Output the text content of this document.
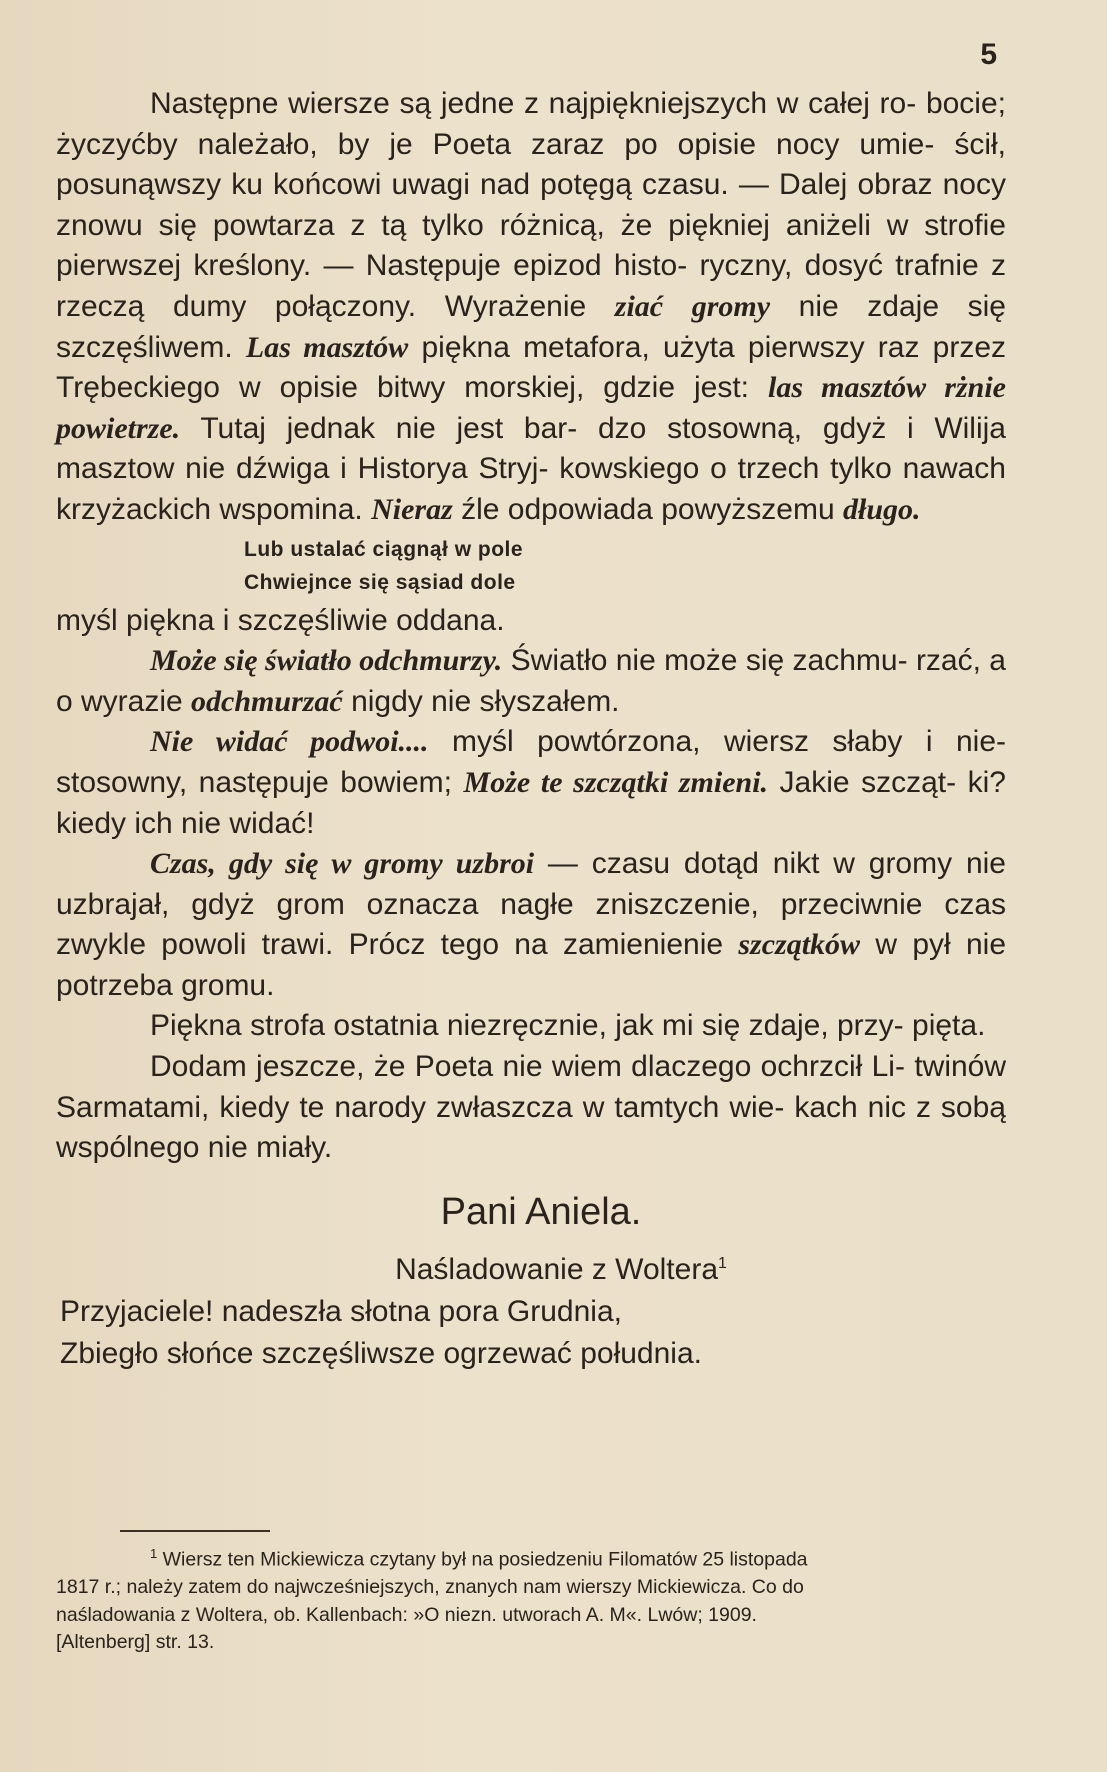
5

Następne wiersze są jedne z najpiękniejszych w całej ro- bocie; życzyćby należało, by je Poeta zaraz po opisie nocy umie- ścił, posunąwszy ku końcowi uwagi nad potęgą czasu. — Dalej obraz nocy znowu się powtarza z tą tylko różnicą, że piękniej aniżeli w strofie pierwszej kreślony. — Następuje epizod histo- ryczny, dosyć trafnie z rzeczą dumy połączony. Wyrażenie ziać gromy nie zdaje się szczęśliwem. Las masztów piękna metafora, użyta pierwszy raz przez Trębeckiego w opisie bitwy morskiej, gdzie jest: las masztów rżnie powietrze. Tutaj jednak nie jest bar- dzo stosowną, gdyż i Wilija masztow nie dźwiga i Historya Stryj- kowskiego o trzech tylko nawach krzyżackich wspomina. Nieraz źle odpowiada powyższemu długo.

Lub ustalać ciągnął w pole
Chwiejnce się sąsiad dole

myśl piękna i szczęśliwie oddana.

Może się światło odchmurzy. Światło nie może się zachmu- rzać, a o wyrazie odchmurzać nigdy nie słyszałem.

Nie widać podwoi.... myśl powtórzona, wiersz słaby i nie- stosowny, następuje bowiem; Może te szczątki zmieni. Jakie szcząt- ki? kiedy ich nie widać!

Czas, gdy się w gromy uzbroi — czasu dotąd nikt w gromy nie uzbrajał, gdyż grom oznacza nagłe zniszczenie, przeciwnie czas zwykle powoli trawi. Prócz tego na zamienienie szczątków w pył nie potrzeba gromu.

Piękna strofa ostatnia niezręcznie, jak mi się zdaje, przy- pięta.

Dodam jeszcze, że Poeta nie wiem dlaczego ochrzcił Li- twinów Sarmatami, kiedy te narody zwłaszcza w tamtych wie- kach nic z sobą wspólnego nie miały.

Pani Aniela.
Naśladowanie z Woltera$^1$
Przyjaciele! nadeszła słotna pora Grudnia,
Zbiegło słońce szczęśliwsze ogrzewać południa.
$^1$ Wiersz ten Mickiewicza czytany był na posiedzeniu Filomatów 25 listopada
1817 r.; należy zatem do najwcześniejszych, znanych nam wierszy Mickiewicza. Co do
naśladowania z Woltera, ob. Kallenbach: »O niezn. utworach A. M«. Lwów; 1909.
[Altenberg] str. 13.
